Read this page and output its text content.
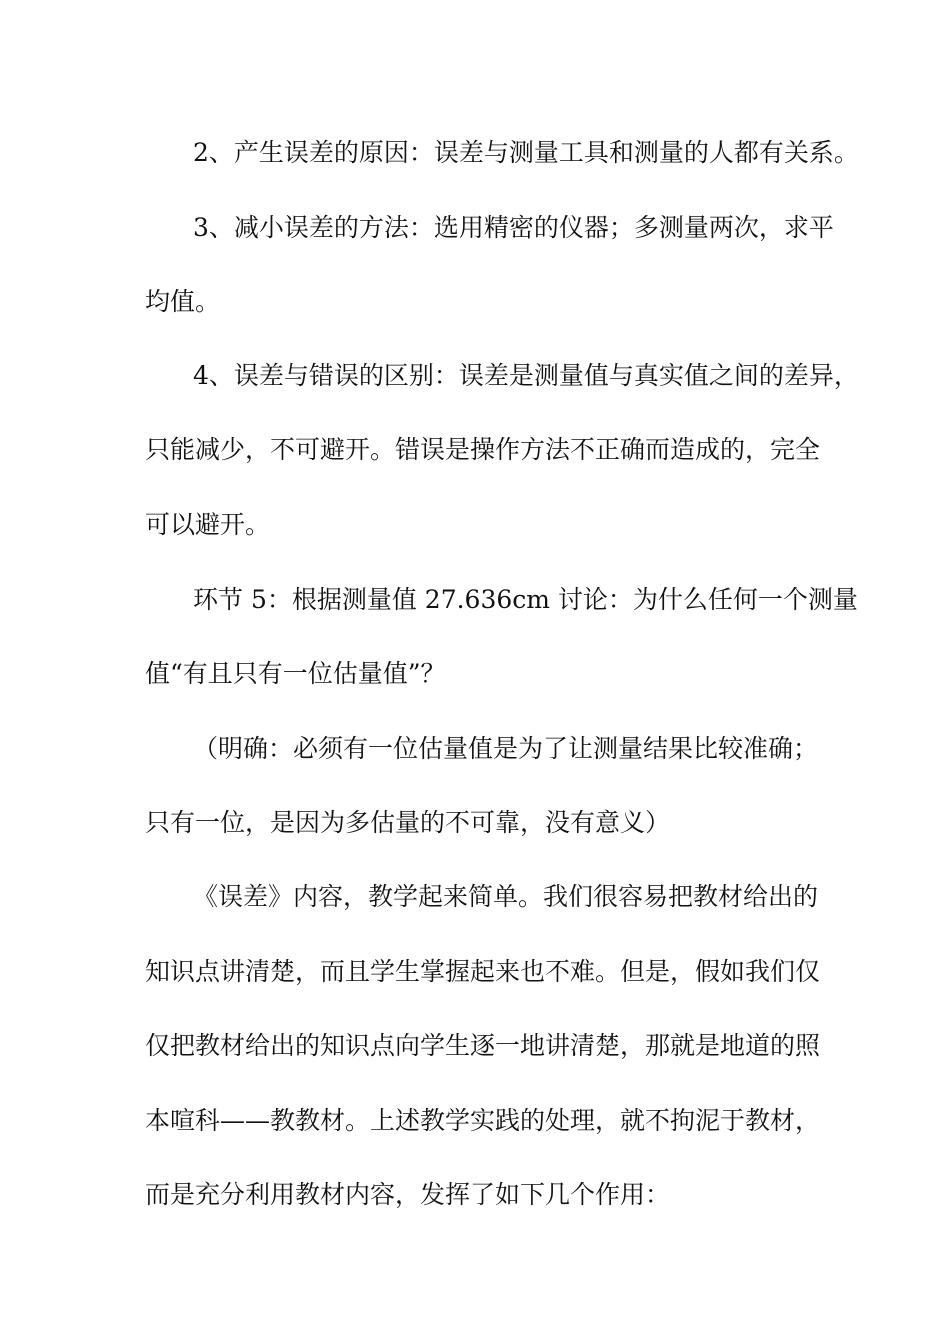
2、产生误差的原因：误差与测量工具和测量的人都有关系。
3、减小误差的方法：选用精密的仪器；多测量两次，求平
均值。
4、误差与错误的区别：误差是测量值与真实值之间的差异，
只能减少，不可避开。错误是操作方法不正确而造成的，完全
可以避开。
环节 5：根据测量值 27.636cm 讨论：为什么任何一个测量
值“有且只有一位估量值”？
（明确：必须有一位估量值是为了让测量结果比较准确；
只有一位，是因为多估量的不可靠，没有意义）
《误差》内容，教学起来简单。我们很容易把教材给出的
知识点讲清楚，而且学生掌握起来也不难。但是，假如我们仅
仅把教材给出的知识点向学生逐一地讲清楚，那就是地道的照
本喧科——教教材。上述教学实践的处理，就不拘泥于教材，
而是充分利用教材内容，发挥了如下几个作用：
